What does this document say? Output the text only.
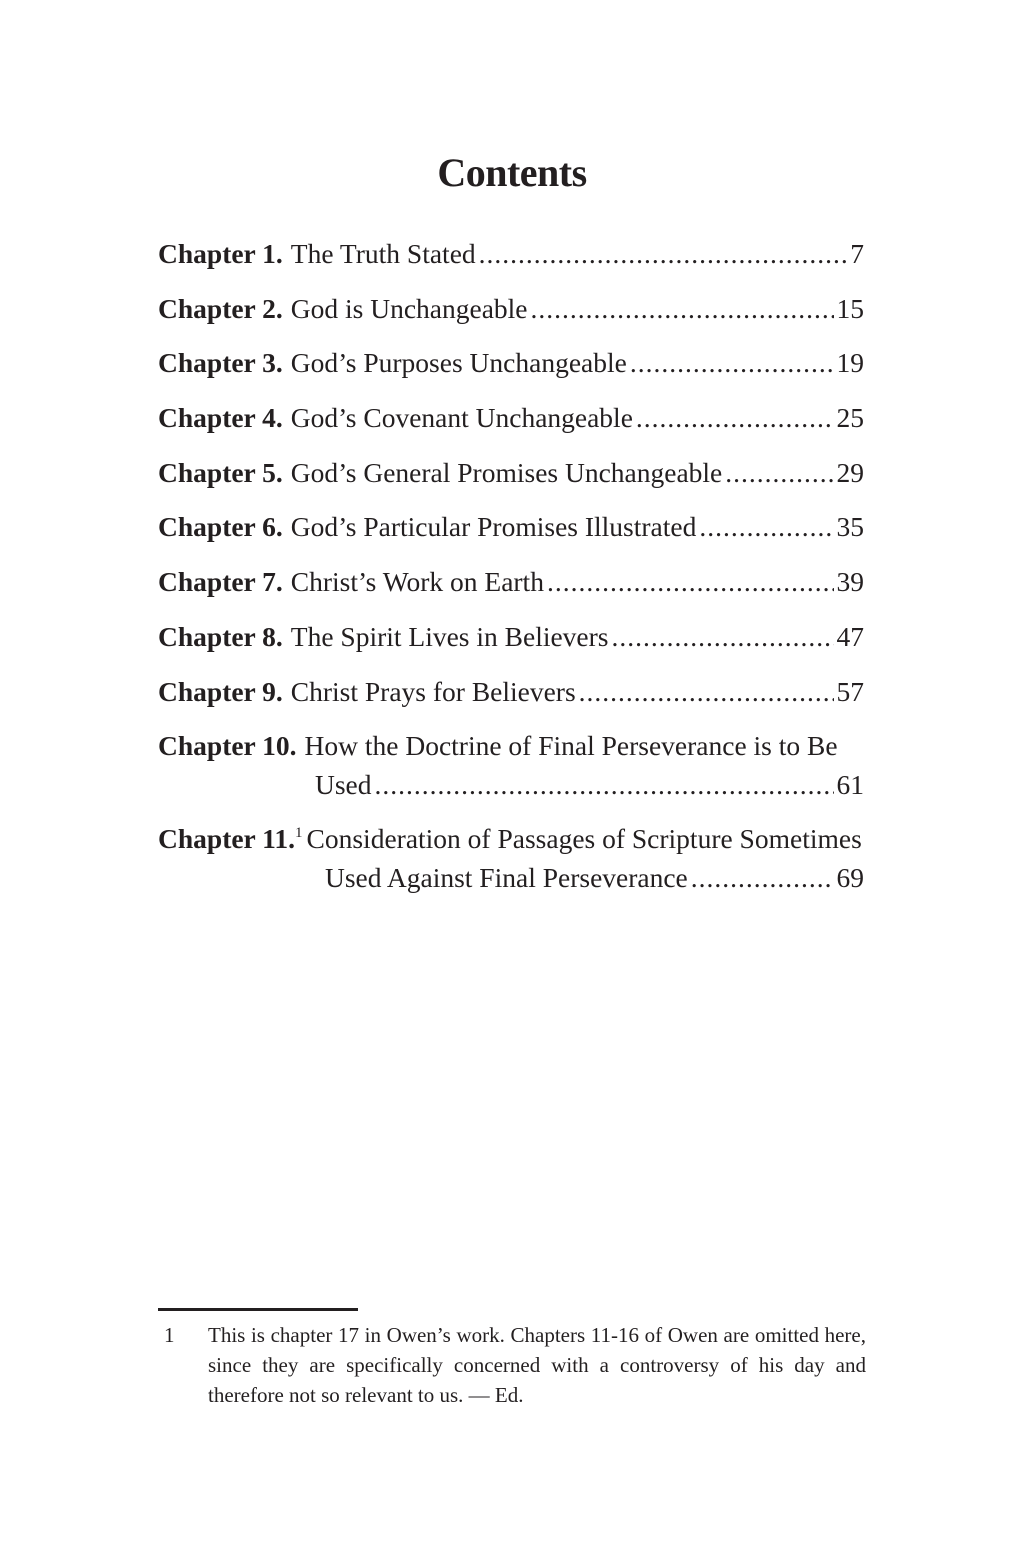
Contents
Chapter 1. The Truth Stated .....	7
Chapter 2. God is Unchangeable .....	15
Chapter 3. God’s Purposes Unchangeable .....	19
Chapter 4. God’s Covenant Unchangeable .....	25
Chapter 5. God’s General Promises Unchangeable .....	29
Chapter 6. God’s Particular Promises Illustrated .....	35
Chapter 7. Christ’s Work on Earth .....	39
Chapter 8. The Spirit Lives in Believers .....	47
Chapter 9. Christ Prays for Believers .....	57
Chapter 10. How the Doctrine of Final Perseverance is to Be
Used .....	61
Chapter 11. 1 Consideration of Passages of Scripture Sometimes
Used Against Final Perseverance .....	69
1 This is chapter 17 in Owen’s work. Chapters 11-16 of Owen are omitted here, since they are specifically concerned with a controversy of his day and therefore not so relevant to us. — Ed.
